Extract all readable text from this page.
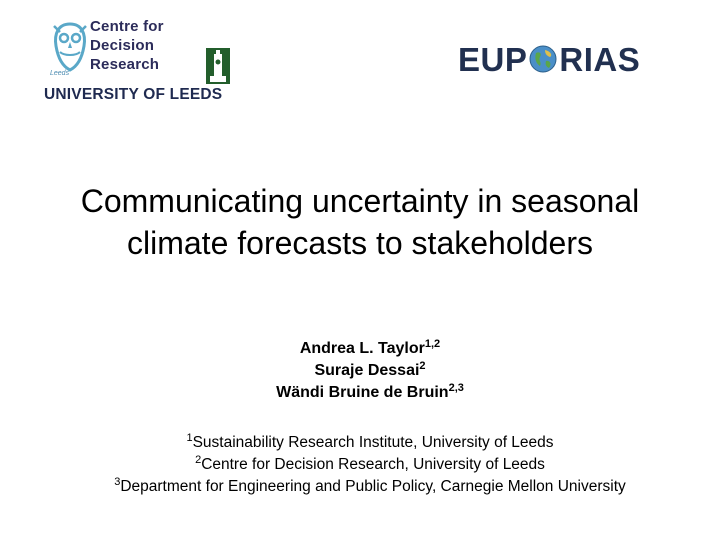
Leeds
Centre for
Decision
Research
UNIVERSITY OF LEEDS
EUP RIAS
Communicating uncertainty in seasonal
climate forecasts to stakeholders
Andrea L. Taylor$^{1,2}$
Suraje Dessai$^2$
Wändi Bruine de Bruin$^{2,3}$
$^1$Sustainability Research Institute, University of Leeds
$^2$Centre for Decision Research, University of Leeds
$^3$Department for Engineering and Public Policy, Carnegie Mellon University
